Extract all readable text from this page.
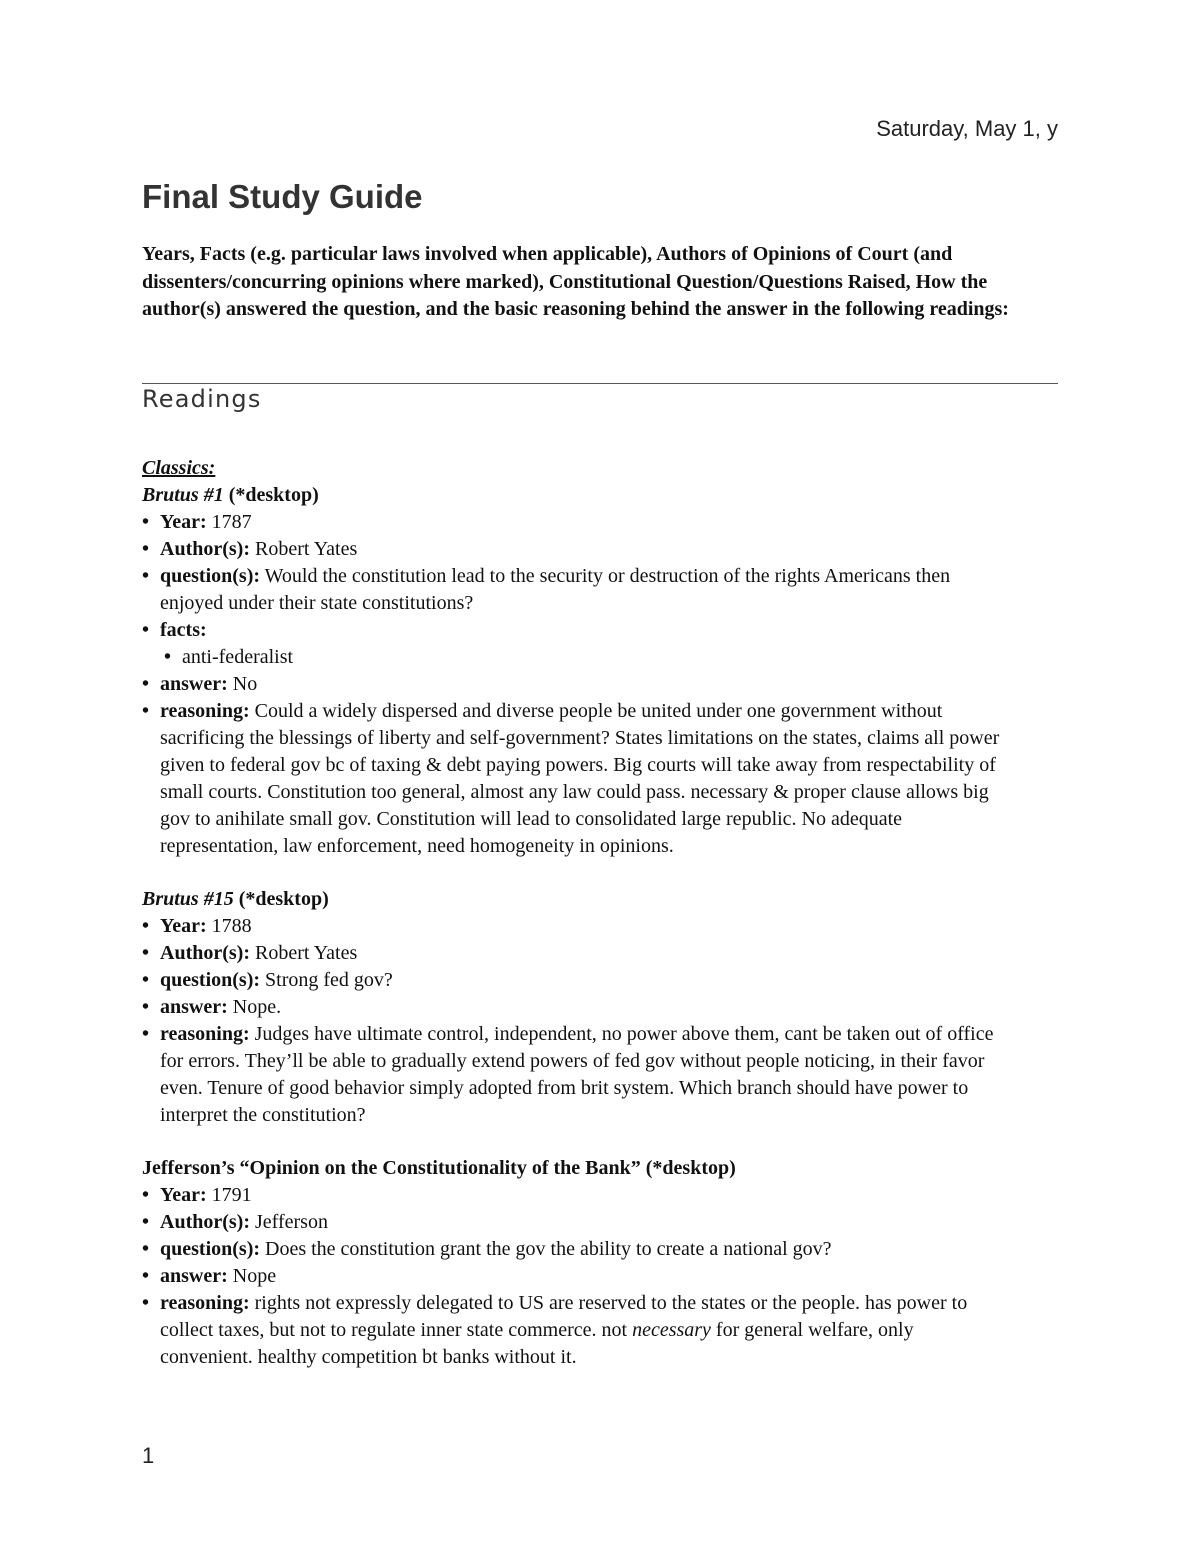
Saturday, May 1, y
Final Study Guide

Years, Facts (e.g. particular laws involved when applicable), Authors of Opinions of Court (and dissenters/concurring opinions where marked), Constitutional Question/Questions Raised, How the author(s) answered the question, and the basic reasoning behind the answer in the following readings:

Readings

Classics:

Brutus #1 (*desktop)

• Year: 1787
• Author(s): Robert Yates
• question(s): Would the constitution lead to the security or destruction of the rights Americans then enjoyed under their state constitutions?
• facts:
• anti-federalist
• answer: No
• reasoning: Could a widely dispersed and diverse people be united under one government without sacrificing the blessings of liberty and self-government? States limitations on the states, claims all power given to federal gov bc of taxing & debt paying powers. Big courts will take away from respectability of small courts. Constitution too general, almost any law could pass. necessary & proper clause allows big gov to anihilate small gov. Constitution will lead to consolidated large republic. No adequate representation, law enforcement, need homogeneity in opinions.

Brutus #15 (*desktop)

• Year: 1788
• Author(s): Robert Yates
• question(s): Strong fed gov?
• answer: Nope.
• reasoning: Judges have ultimate control, independent, no power above them, cant be taken out of office for errors. They’ll be able to gradually extend powers of fed gov without people noticing, in their favor even. Tenure of good behavior simply adopted from brit system. Which branch should have power to interpret the constitution?

Jefferson’s “Opinion on the Constitutionality of the Bank” (*desktop)

• Year: 1791
• Author(s): Jefferson
• question(s): Does the constitution grant the gov the ability to create a national gov?
• answer: Nope
• reasoning: rights not expressly delegated to US are reserved to the states or the people. has power to collect taxes, but not to regulate inner state commerce. not necessary for general welfare, only convenient. healthy competition bt banks without it.
1
